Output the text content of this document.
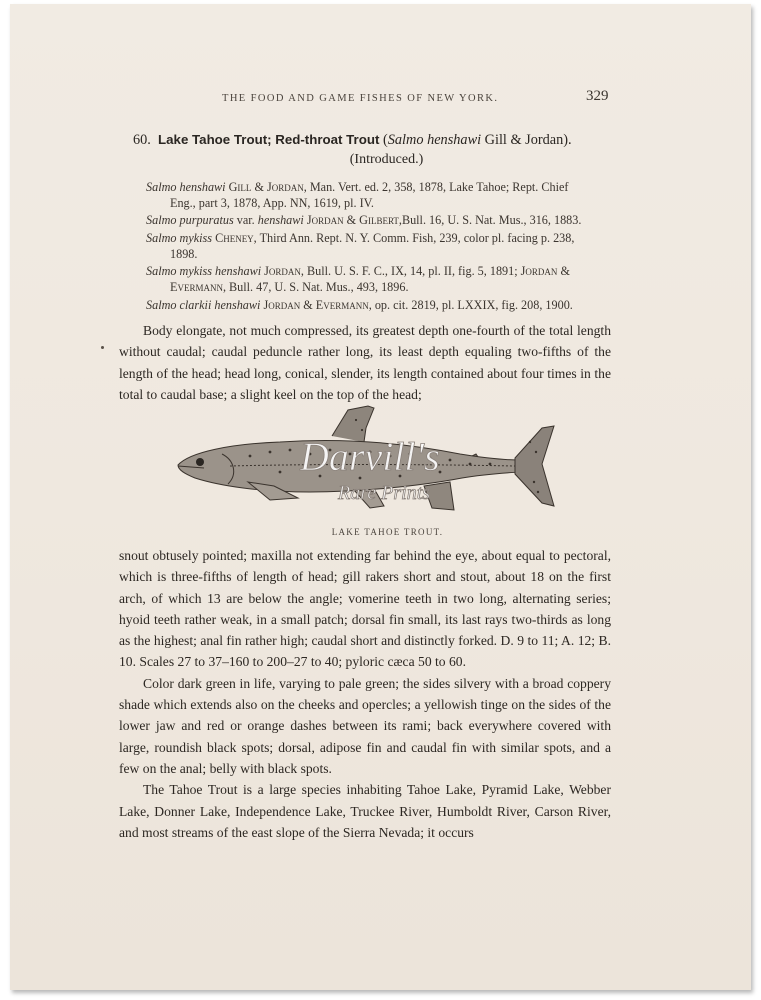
THE FOOD AND GAME FISHES OF NEW YORK.	329
60. Lake Tahoe Trout; Red-throat Trout (Salmo henshawi Gill & Jordan).
(Introduced.)
Salmo henshawi Gill & Jordan, Man. Vert. ed. 2, 358, 1878, Lake Tahoe; Rept. Chief
Eng., part 3, 1878, App. NN, 1619, pl. IV.
Salmo purpuratus var. henshawi Jordan & Gilbert,Bull. 16, U. S. Nat. Mus., 316, 1883.
Salmo mykiss Cheney, Third Ann. Rept. N. Y. Comm. Fish, 239, color pl. facing p. 238,
1898.
Salmo mykiss henshawi Jordan, Bull. U. S. F. C., IX, 14, pl. II, fig. 5, 1891; Jordan &
Evermann, Bull. 47, U. S. Nat. Mus., 493, 1896.
Salmo clarkii henshawi Jordan & Evermann, op. cit. 2819, pl. LXXIX, fig. 208, 1900.

Body elongate, not much compressed, its greatest depth one-fourth of the total length without caudal; caudal peduncle rather long, its least depth equaling two-fifths of the length of the head; head long, conical, slender, its length contained about four times in the total to caudal base; a slight keel on the top of the head;

Darvill's
Rare Prints
LAKE TAHOE TROUT.

snout obtusely pointed; maxilla not extending far behind the eye, about equal to pectoral, which is three-fifths of length of head; gill rakers short and stout, about 18 on the first arch, of which 13 are below the angle; vomerine teeth in two long, alternating series; hyoid teeth rather weak, in a small patch; dorsal fin small, its last rays two-thirds as long as the highest; anal fin rather high; caudal short and distinctly forked. D. 9 to 11; A. 12; B. 10. Scales 27 to 37–160 to 200–27 to 40; pyloric cæca 50 to 60.

Color dark green in life, varying to pale green; the sides silvery with a broad coppery shade which extends also on the cheeks and opercles; a yellowish tinge on the sides of the lower jaw and red or orange dashes between its rami; back everywhere covered with large, roundish black spots; dorsal, adipose fin and caudal fin with similar spots, and a few on the anal; belly with black spots.

The Tahoe Trout is a large species inhabiting Tahoe Lake, Pyramid Lake, Webber Lake, Donner Lake, Independence Lake, Truckee River, Humboldt River, Carson River, and most streams of the east slope of the Sierra Nevada; it occurs
